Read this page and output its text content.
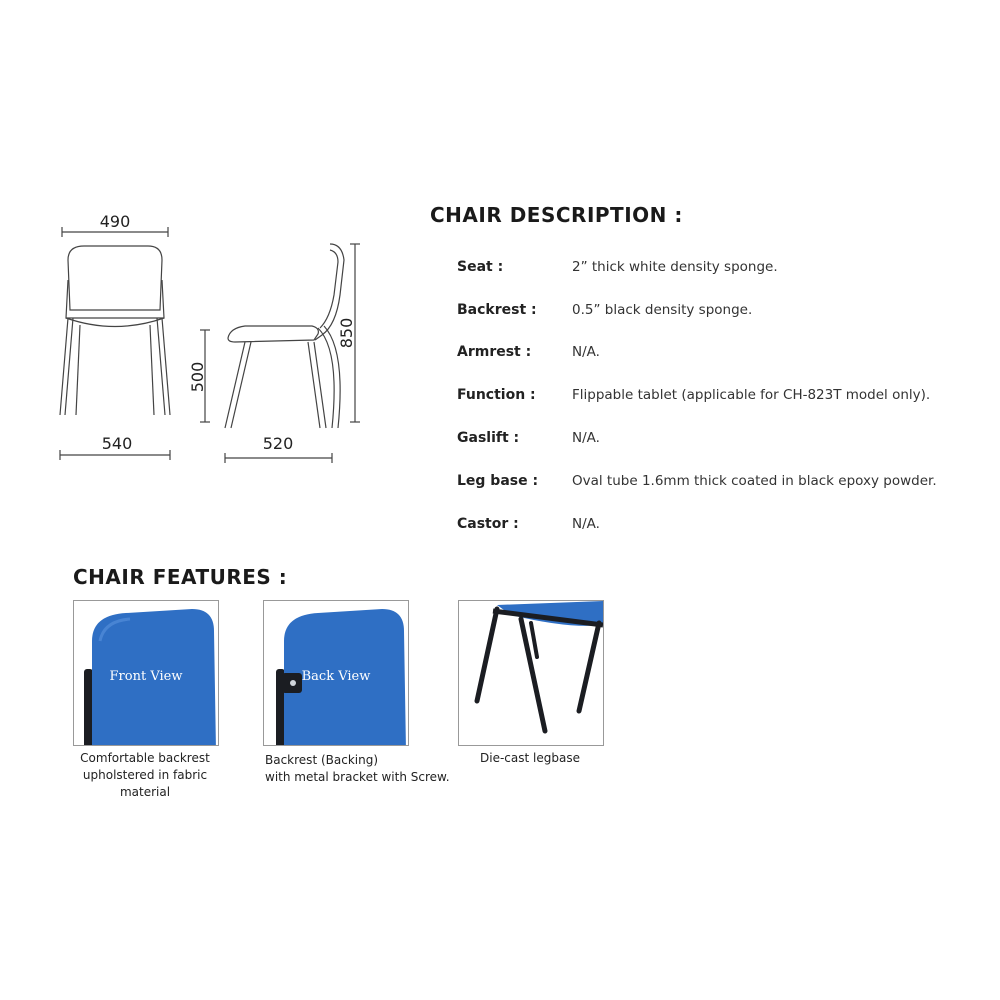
490
540
500
850
520
CHAIR DESCRIPTION :
Seat :	2” thick white density sponge.
Backrest :	0.5” black density sponge.
Armrest :	N/A.
Function :	Flippable tablet (applicable for CH-823T model only).
Gaslift :	N/A.
Leg base :	Oval tube 1.6mm thick coated in black epoxy powder.
Castor :	N/A.
CHAIR FEATURES :
Front View	Back View
Comfortable backrest
upholstered in fabric
material
Backrest (Backing)
with metal bracket with Screw.
Die-cast legbase
